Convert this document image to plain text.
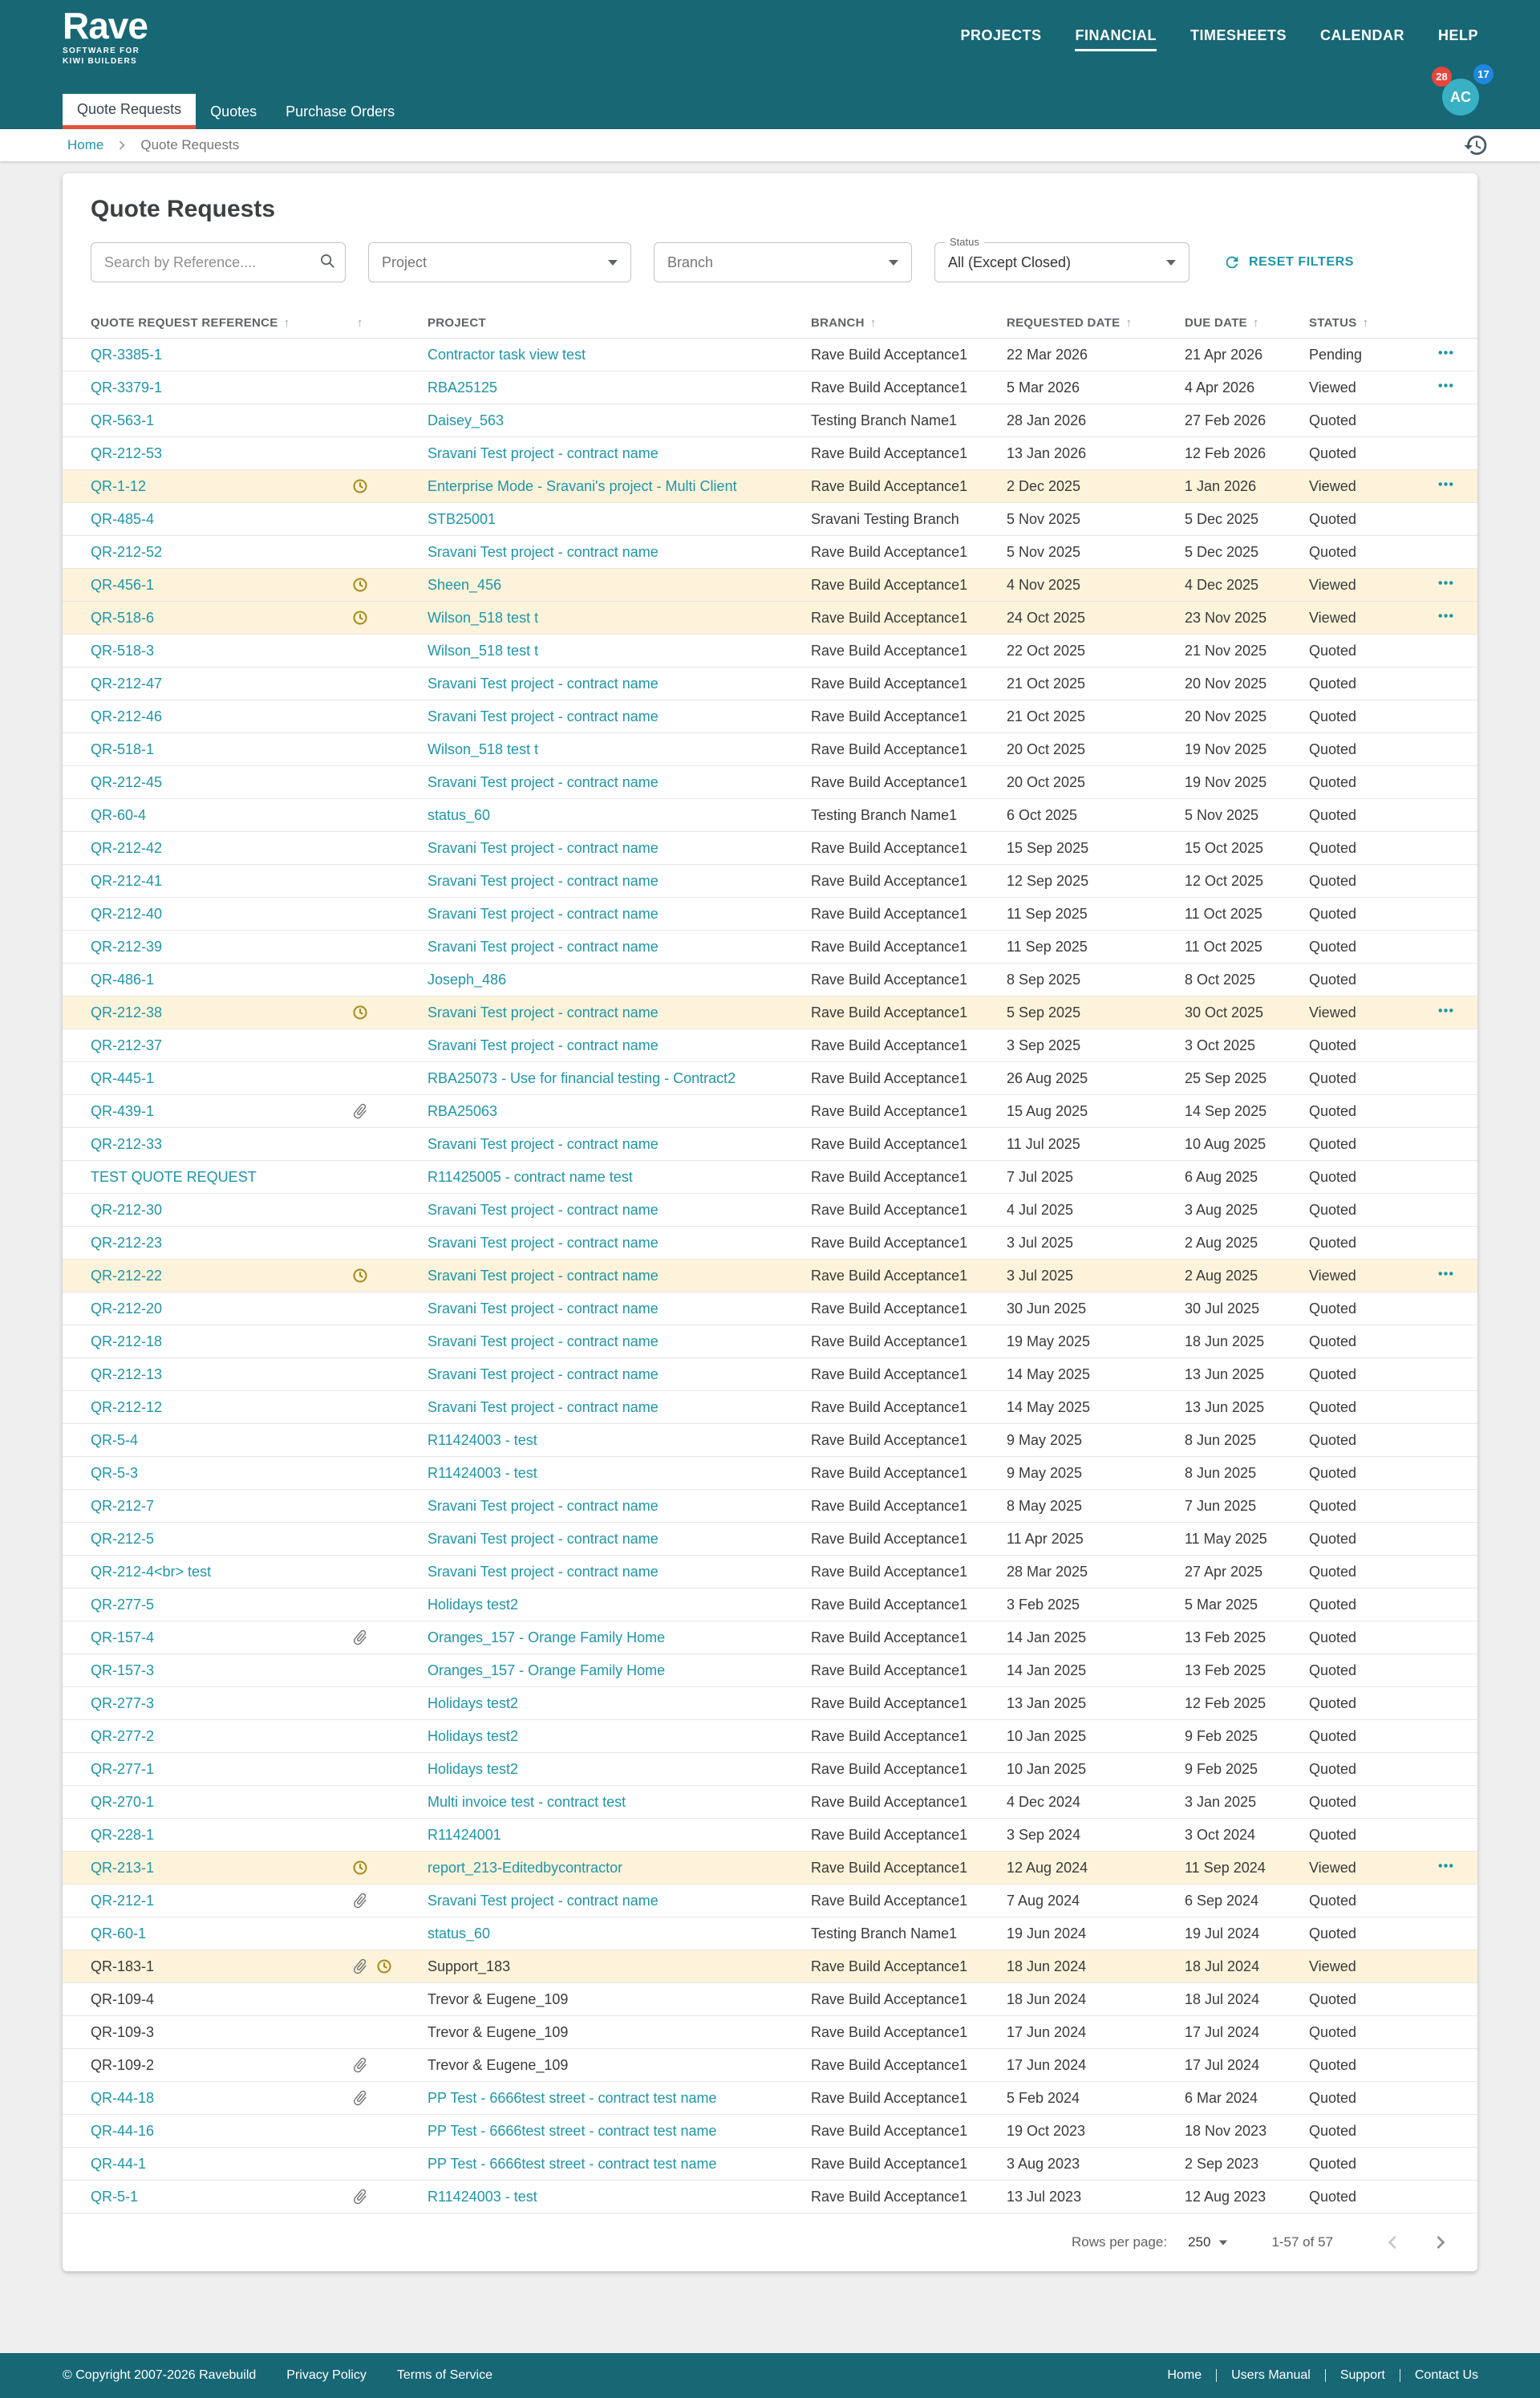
Rave
SOFTWARE FOR
KIWI BUILDERS
PROJECTS FINANCIAL TIMESHEETS CALENDAR HELP
Quote Requests	Quotes	Purchase Orders
28	17
AC
Home	Quote Requests
Quote Requests
Search by Reference....
Project	Branch
Status
All (Except Closed)	RESET FILTERS
QUOTE REQUEST REFERENCE ↑	↑	PROJECT	BRANCH ↑	REQUESTED DATE ↑	DUE DATE ↑	STATUS ↑	
QR-3385-1		Contractor task view test	Rave Build Acceptance1	22 Mar 2026	21 Apr 2026	Pending	

QR-3379-1		RBA25125	Rave Build Acceptance1	5 Mar 2026	4 Apr 2026	Viewed	

QR-563-1		Daisey_563	Testing Branch Name1	28 Jan 2026	27 Feb 2026	Quoted	
QR-212-53		Sravani Test project - contract name	Rave Build Acceptance1	13 Jan 2026	12 Feb 2026	Quoted	
QR-1-12		Enterprise Mode - Sravani's project - Multi Client	Rave Build Acceptance1	2 Dec 2025	1 Jan 2026	Viewed	

QR-485-4		STB25001	Sravani Testing Branch	5 Nov 2025	5 Dec 2025	Quoted	
QR-212-52		Sravani Test project - contract name	Rave Build Acceptance1	5 Nov 2025	5 Dec 2025	Quoted	
QR-456-1		Sheen_456	Rave Build Acceptance1	4 Nov 2025	4 Dec 2025	Viewed	

QR-518-6		Wilson_518 test t	Rave Build Acceptance1	24 Oct 2025	23 Nov 2025	Viewed	

QR-518-3		Wilson_518 test t	Rave Build Acceptance1	22 Oct 2025	21 Nov 2025	Quoted	
QR-212-47		Sravani Test project - contract name	Rave Build Acceptance1	21 Oct 2025	20 Nov 2025	Quoted	
QR-212-46		Sravani Test project - contract name	Rave Build Acceptance1	21 Oct 2025	20 Nov 2025	Quoted	
QR-518-1		Wilson_518 test t	Rave Build Acceptance1	20 Oct 2025	19 Nov 2025	Quoted	
QR-212-45		Sravani Test project - contract name	Rave Build Acceptance1	20 Oct 2025	19 Nov 2025	Quoted	
QR-60-4		status_60	Testing Branch Name1	6 Oct 2025	5 Nov 2025	Quoted	
QR-212-42		Sravani Test project - contract name	Rave Build Acceptance1	15 Sep 2025	15 Oct 2025	Quoted	
QR-212-41		Sravani Test project - contract name	Rave Build Acceptance1	12 Sep 2025	12 Oct 2025	Quoted	
QR-212-40		Sravani Test project - contract name	Rave Build Acceptance1	11 Sep 2025	11 Oct 2025	Quoted	
QR-212-39		Sravani Test project - contract name	Rave Build Acceptance1	11 Sep 2025	11 Oct 2025	Quoted	
QR-486-1		Joseph_486	Rave Build Acceptance1	8 Sep 2025	8 Oct 2025	Quoted	
QR-212-38		Sravani Test project - contract name	Rave Build Acceptance1	5 Sep 2025	30 Oct 2025	Viewed	

QR-212-37		Sravani Test project - contract name	Rave Build Acceptance1	3 Sep 2025	3 Oct 2025	Quoted	
QR-445-1		RBA25073 - Use for financial testing - Contract2	Rave Build Acceptance1	26 Aug 2025	25 Sep 2025	Quoted	
QR-439-1		RBA25063	Rave Build Acceptance1	15 Aug 2025	14 Sep 2025	Quoted	
QR-212-33		Sravani Test project - contract name	Rave Build Acceptance1	11 Jul 2025	10 Aug 2025	Quoted	
TEST QUOTE REQUEST		R11425005 - contract name test	Rave Build Acceptance1	7 Jul 2025	6 Aug 2025	Quoted	
QR-212-30		Sravani Test project - contract name	Rave Build Acceptance1	4 Jul 2025	3 Aug 2025	Quoted	
QR-212-23		Sravani Test project - contract name	Rave Build Acceptance1	3 Jul 2025	2 Aug 2025	Quoted	
QR-212-22		Sravani Test project - contract name	Rave Build Acceptance1	3 Jul 2025	2 Aug 2025	Viewed	

QR-212-20		Sravani Test project - contract name	Rave Build Acceptance1	30 Jun 2025	30 Jul 2025	Quoted	
QR-212-18		Sravani Test project - contract name	Rave Build Acceptance1	19 May 2025	18 Jun 2025	Quoted	
QR-212-13		Sravani Test project - contract name	Rave Build Acceptance1	14 May 2025	13 Jun 2025	Quoted	
QR-212-12		Sravani Test project - contract name	Rave Build Acceptance1	14 May 2025	13 Jun 2025	Quoted	
QR-5-4		R11424003 - test	Rave Build Acceptance1	9 May 2025	8 Jun 2025	Quoted	
QR-5-3		R11424003 - test	Rave Build Acceptance1	9 May 2025	8 Jun 2025	Quoted	
QR-212-7		Sravani Test project - contract name	Rave Build Acceptance1	8 May 2025	7 Jun 2025	Quoted	
QR-212-5		Sravani Test project - contract name	Rave Build Acceptance1	11 Apr 2025	11 May 2025	Quoted	
QR-212-4<br> test		Sravani Test project - contract name	Rave Build Acceptance1	28 Mar 2025	27 Apr 2025	Quoted	
QR-277-5		Holidays test2	Rave Build Acceptance1	3 Feb 2025	5 Mar 2025	Quoted	
QR-157-4		Oranges_157 - Orange Family Home	Rave Build Acceptance1	14 Jan 2025	13 Feb 2025	Quoted	
QR-157-3		Oranges_157 - Orange Family Home	Rave Build Acceptance1	14 Jan 2025	13 Feb 2025	Quoted	
QR-277-3		Holidays test2	Rave Build Acceptance1	13 Jan 2025	12 Feb 2025	Quoted	
QR-277-2		Holidays test2	Rave Build Acceptance1	10 Jan 2025	9 Feb 2025	Quoted	
QR-277-1		Holidays test2	Rave Build Acceptance1	10 Jan 2025	9 Feb 2025	Quoted	
QR-270-1		Multi invoice test - contract test	Rave Build Acceptance1	4 Dec 2024	3 Jan 2025	Quoted	
QR-228-1		R11424001	Rave Build Acceptance1	3 Sep 2024	3 Oct 2024	Quoted	
QR-213-1		report_213-Editedbycontractor	Rave Build Acceptance1	12 Aug 2024	11 Sep 2024	Viewed	

QR-212-1		Sravani Test project - contract name	Rave Build Acceptance1	7 Aug 2024	6 Sep 2024	Quoted	
QR-60-1		status_60	Testing Branch Name1	19 Jun 2024	19 Jul 2024	Quoted	
QR-183-1		Support_183	Rave Build Acceptance1	18 Jun 2024	18 Jul 2024	Viewed	
QR-109-4		Trevor & Eugene_109	Rave Build Acceptance1	18 Jun 2024	18 Jul 2024	Quoted	
QR-109-3		Trevor & Eugene_109	Rave Build Acceptance1	17 Jun 2024	17 Jul 2024	Quoted	
QR-109-2		Trevor & Eugene_109	Rave Build Acceptance1	17 Jun 2024	17 Jul 2024	Quoted	
QR-44-18		PP Test - 6666test street - contract test name	Rave Build Acceptance1	5 Feb 2024	6 Mar 2024	Quoted	
QR-44-16		PP Test - 6666test street - contract test name	Rave Build Acceptance1	19 Oct 2023	18 Nov 2023	Quoted	
QR-44-1		PP Test - 6666test street - contract test name	Rave Build Acceptance1	3 Aug 2023	2 Sep 2023	Quoted	
QR-5-1		R11424003 - test	Rave Build Acceptance1	13 Jul 2023	12 Aug 2023	Quoted	
Rows per page: 250	1-57 of 57
© Copyright 2007-2026 Ravebuild Privacy Policy Terms of Service	Home Users Manual Support Contact Us
